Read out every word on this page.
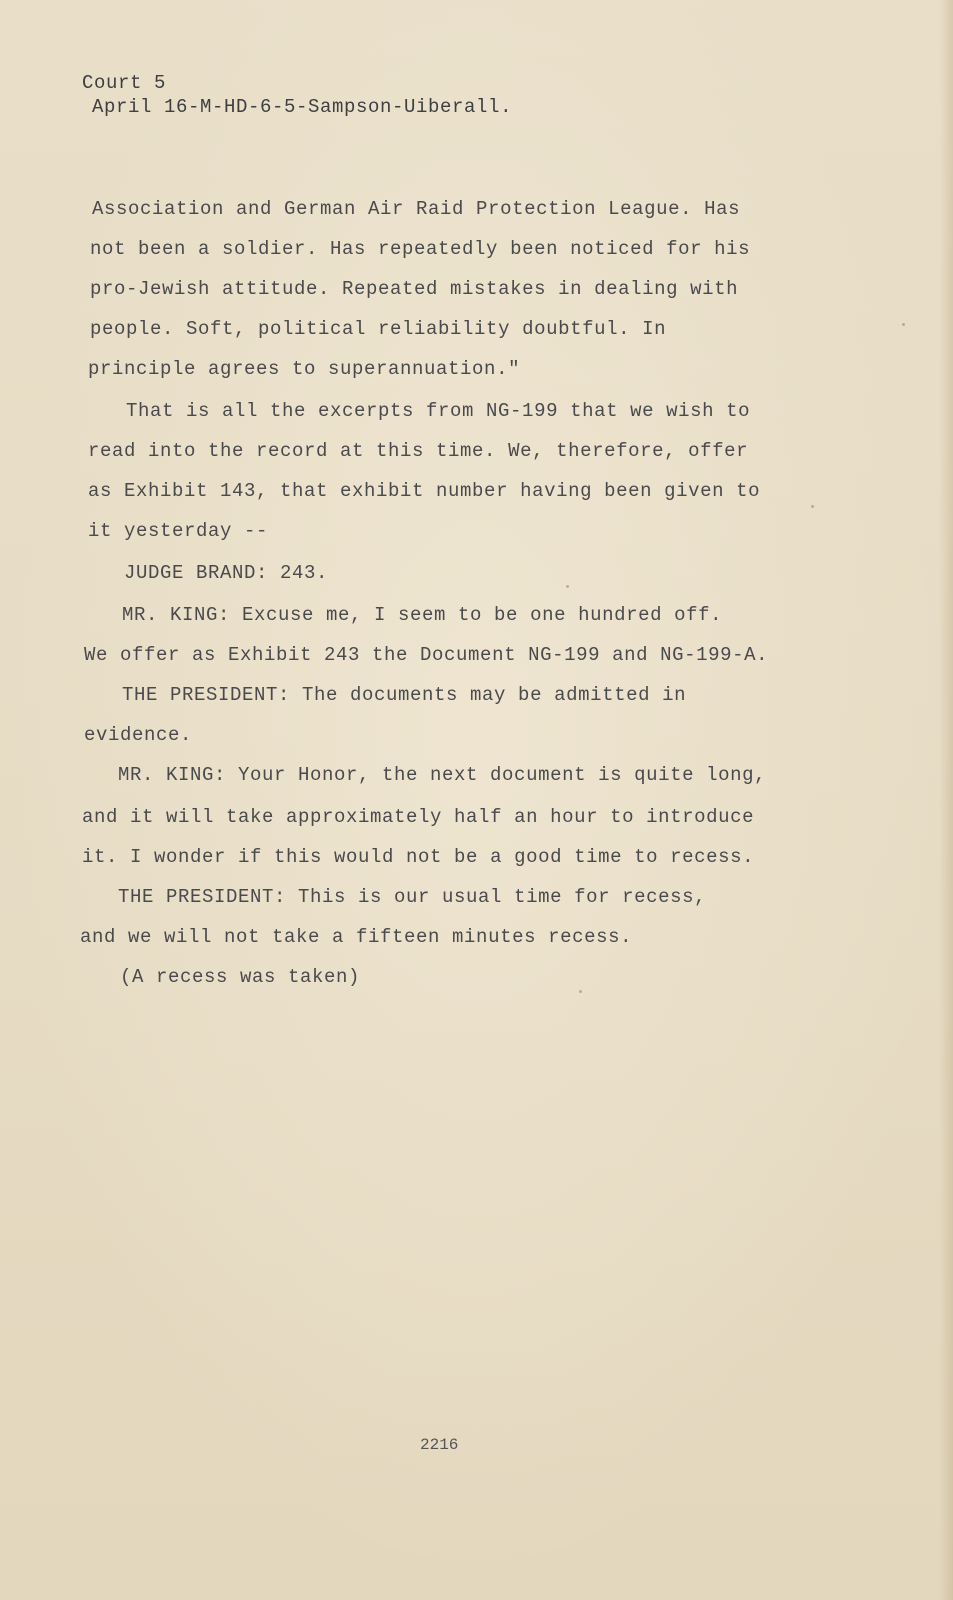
Court 5
April 16-M-HD-6-5-Sampson-Uiberall.
Association and German Air Raid Protection League. Has
not been a soldier. Has repeatedly been noticed for his
pro-Jewish attitude. Repeated mistakes in dealing with
people. Soft, political reliability doubtful. In
principle agrees to superannuation."
That is all the excerpts from NG-199 that we wish to
read into the record at this time. We, therefore, offer
as Exhibit 143, that exhibit number having been given to
it yesterday --
JUDGE BRAND: 243.
MR. KING: Excuse me, I seem to be one hundred off.
We offer as Exhibit 243 the Document NG-199 and NG-199-A.
THE PRESIDENT: The documents may be admitted in
evidence.
MR. KING: Your Honor, the next document is quite long,
and it will take approximately half an hour to introduce
it. I wonder if this would not be a good time to recess.
THE PRESIDENT: This is our usual time for recess,
and we will not take a fifteen minutes recess.
(A recess was taken)
2216
